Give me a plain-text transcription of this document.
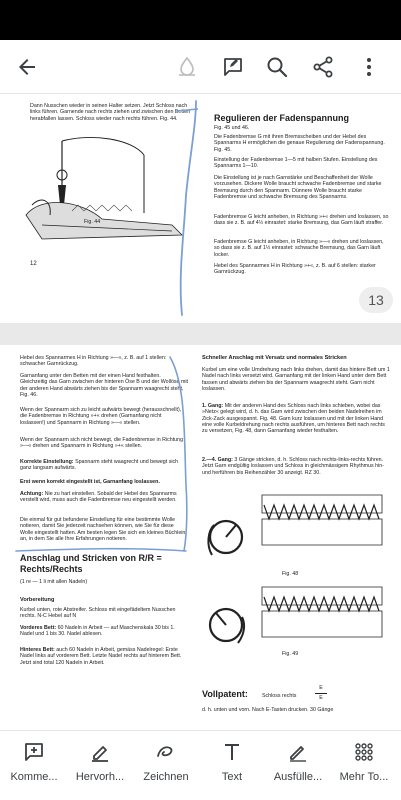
Dann Nusschen wieder in seinen Halter setzen. Jetzt Schloss nach links führen. Garnende nach rechts ziehen und zwischen den Betten herabfallen lassen. Schloss wieder nach rechts führen. Fig. 44.
Fig. 44
12
Regulieren der Fadenspannung
Fig. 45 und 46.
Die Fadenbremse G mit ihren Bremsscheiben und der Hebel des Spannarms H ermöglichen die genaue Regulierung der Fadenspannung. Fig. 45.
Einstellung der Fadenbremse 1—5 mit halben Stufen. Einstellung des Spannarms 1—10.
Die Einstellung ist je nach Garnstärke und Beschaffenheit der Wolle vorzusehen. Dickere Wolle braucht schwache Fadenbremse und starke Bremsung durch den Spannarm. Dünnere Wolle braucht starke Fadenbremse und schwache Bremsung des Spannarms.
Fadenbremse G leicht anheben, in Richtung »+« drehen und loslassen, so dass sie z. B. auf 4½ einrastet: starke Bremsung, das Garn läuft straffer.
Fadenbremse G leicht anheben, in Richtung »—« drehen und loslassen, so dass sie z. B. auf 1½ einrastet: schwache Bremsung, das Garn läuft locker.
Hebel des Spannarmes H in Richtung »+«, z. B. auf 6 stellen: starker Garnrückzug.
13
Hebel des Spannarmes H in Richtung »—«, z. B. auf 1 stellen: schwacher Garnrückzug.
Garnanfang unter den Betten mit der einen Hand festhalten. Gleichzeitig das Garn zwischen der hinteren Öse B und der Wollöse mit der anderen Hand abwärts ziehen bis der Spannarm waagrecht steht, Fig. 46.
Wenn der Spannarm sich zu leicht aufwärts bewegt (herausschnellt), die Fadenbremse in Richtung »+« drehen (Garnanfang nicht loslassen!) und Spannarm in Richtung »—« stellen.
Wenn der Spannarm sich nicht bewegt, die Fadenbremse in Richtung »—« drehen und Spannarm in Richtung »+« stellen.
Korrekte Einstellung: Spannarm steht waagrecht und bewegt sich ganz langsam aufwärts.
Erst wenn korrekt eingestellt ist, Garnanfang loslassen.
Achtung: Nie zu hart einstellen. Sobald der Hebel des Spannarms verstellt wird, muss auch die Fadenbremse neu eingestellt werden.
Die einmal für gut befundene Einstellung für eine bestimmte Wolle notieren, damit Sie jederzeit nachsehen können, wie Sie für diese Wolle eingestellt hatten. Am besten legen Sie sich ein kleines Büchlein an, in dem Sie alle Ihre Erfahrungen notieren.
Anschlag und Stricken von R/R = Rechts/Rechts
(1 re — 1 li mit allen Nadeln)
Vorbereitung
Kurbel unten, rote Abstreifer. Schloss mit eingefädeltem Nusschen rechts. N-C Hebel auf N
Vorderes Bett: 60 Nadeln in Arbeit — auf Maschenskala 30 bis 1. Nadel und 1 bis 30. Nadel ablesen.
Hinteres Bett: auch 60 Nadeln in Arbeit, gemäss Nadelregel: Erste Nadel links auf vorderem Bett. Letzte Nadel rechts auf hinterem Bett. Jetzt sind total 120 Nadeln in Arbeit.
Schneller Anschlag mit Versatz und normales Stricken
Kurbel um eine volle Umdrehung nach links drehen, damit das hintere Bett um 1 Nadel nach links versetzt wird. Garnanfang mit der linken Hand unter dem Bett fassen und abwärts ziehen bis der Spannarm waagrecht steht. Garn nicht loslassen.
1. Gang: Mit der anderen Hand des Schloss nach links schieben, wobei das »Netz« gelegt wird, d. h. das Garn wird zwischen den beiden Nadelreihen im Zick-Zack ausgespannt. Fig. 48. Garn kurz loslassen und mit der linken Hand eine volle Kurbeldrehung nach rechts ausführen, um hinteres Bett nach rechts zu versetzen, Fig. 48, dann Garnanfang wieder festhalten.
2.—4. Gang: 3 Gänge stricken, d. h. Schloss nach rechts-links-rechts führen. Jetzt Garn endgültig loslassen und Schloss in gleichmässigem Rhythmus hin- und herführen bis Reihenzähler 30 anzeigt. RZ 30.
Fig. 48
Fig. 49
Vollpatent:	Schloss rechts
E
E
d. h. unten und vorn. Nach E-Tasten drucken. 30 Gänge
Komme... Hervorh... Zeichnen	Text	Ausfülle... Mehr To...
